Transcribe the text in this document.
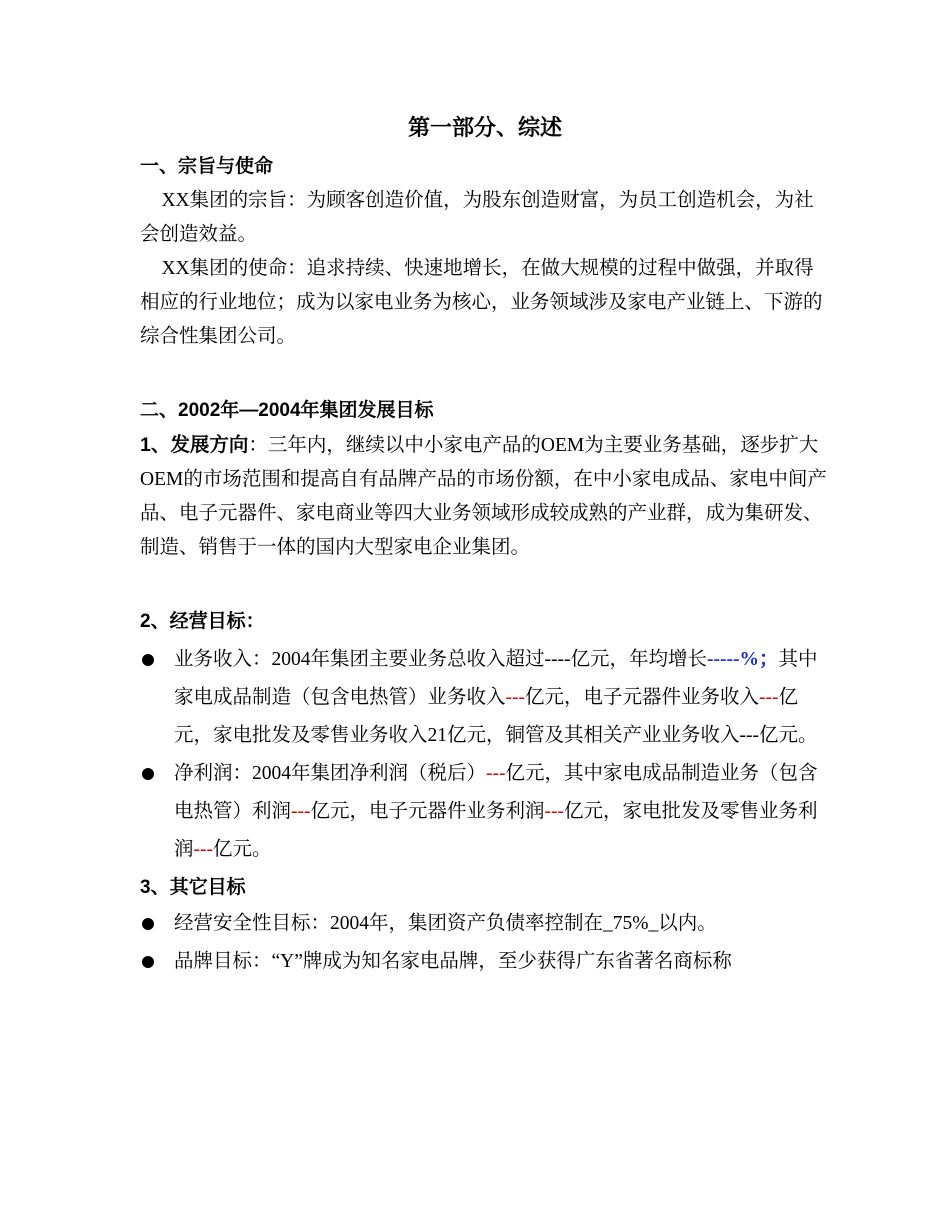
第一部分、综述
一、宗旨与使命

XX集团的宗旨：为顾客创造价值，为股东创造财富，为员工创造机会，为社会创造效益。

XX集团的使命：追求持续、快速地增长，在做大规模的过程中做强，并取得相应的行业地位；成为以家电业务为核心，业务领域涉及家电产业链上、下游的综合性集团公司。

二、2002年—2004年集团发展目标

1、发展方向：三年内，继续以中小家电产品的OEM为主要业务基础，逐步扩大OEM的市场范围和提高自有品牌产品的市场份额，在中小家电成品、家电中间产品、电子元器件、家电商业等四大业务领域形成较成熟的产业群，成为集研发、制造、销售于一体的国内大型家电企业集团。

2、经营目标：
业务收入：2004年集团主要业务总收入超过----亿元，年均增长-----%；其中家电成品制造（包含电热管）业务收入---亿元，电子元器件业务收入---亿元，家电批发及零售业务收入21亿元，铜管及其相关产业业务收入---亿元。
净利润：2004年集团净利润（税后）---亿元，其中家电成品制造业务（包含电热管）利润---亿元，电子元器件业务利润---亿元，家电批发及零售业务利润---亿元。
3、其它目标
经营安全性目标：2004年，集团资产负债率控制在_75%_以内。
品牌目标：“Y”牌成为知名家电品牌，至少获得广东省著名商标称
